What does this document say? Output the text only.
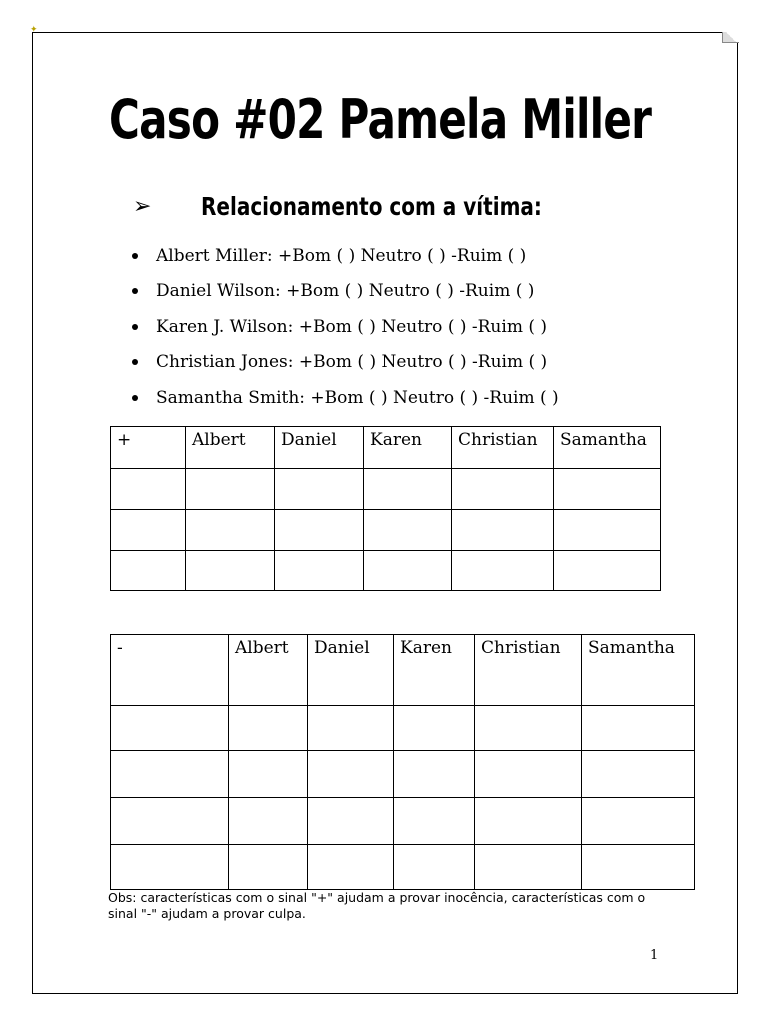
✦
Caso #02 Pamela Miller
➢ Relacionamento com a vítima:
Albert Miller: +Bom ( ) Neutro ( ) -Ruim ( )
Daniel Wilson: +Bom ( ) Neutro ( ) -Ruim ( )
Karen J. Wilson: +Bom ( ) Neutro ( ) -Ruim ( )
Christian Jones: +Bom ( ) Neutro ( ) -Ruim ( )
Samantha Smith: +Bom ( ) Neutro ( ) -Ruim ( )
+	Albert	Daniel	Karen	Christian	Samantha

-	Albert	Daniel	Karen	Christian	Samantha

Obs: características com o sinal "+" ajudam a provar inocência, características com o sinal "-" ajudam a provar culpa.
1
